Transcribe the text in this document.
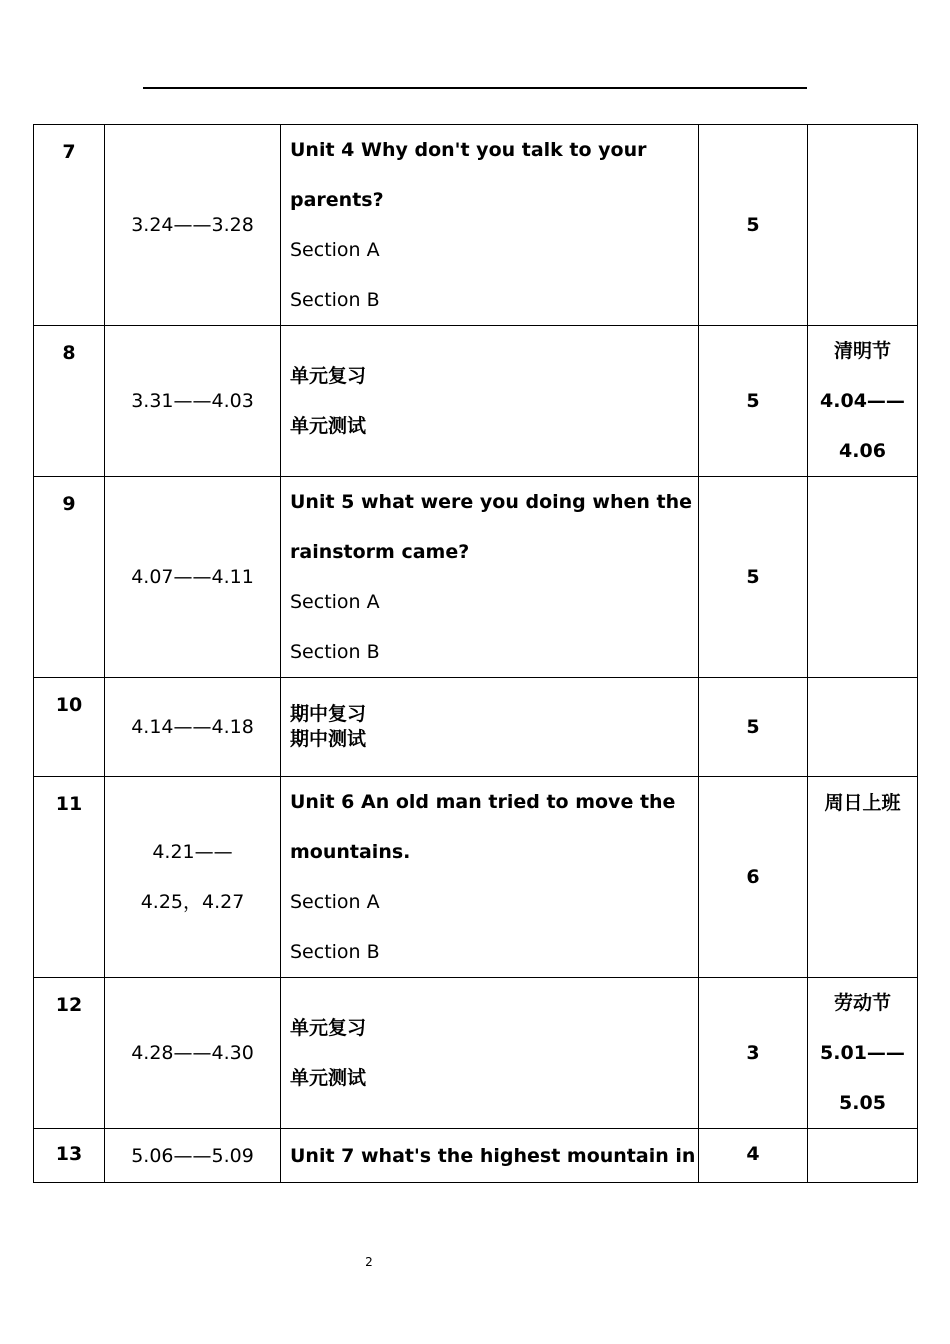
7	3.24——3.28	Unit 4 Why don't you talk to your
parents?
Section A
Section B	5	
8	3.31——4.03	单元复习
单元测试	5	清明节
4.04——
4.06

9	4.07——4.11	Unit 5 what were you doing when the
rainstorm came?
Section A
Section B	5	
10	4.14——4.18	期中复习
期中测试	5	
11	4.21——
4.25，4.27	Unit 6 An old man tried to move the
mountains.
Section A
Section B	6	周日上班

12	4.28——4.30	单元复习
单元测试	3	劳动节
5.01——
5.05

13	5.06——5.09	Unit 7 what's the highest mountain in	4	
2
